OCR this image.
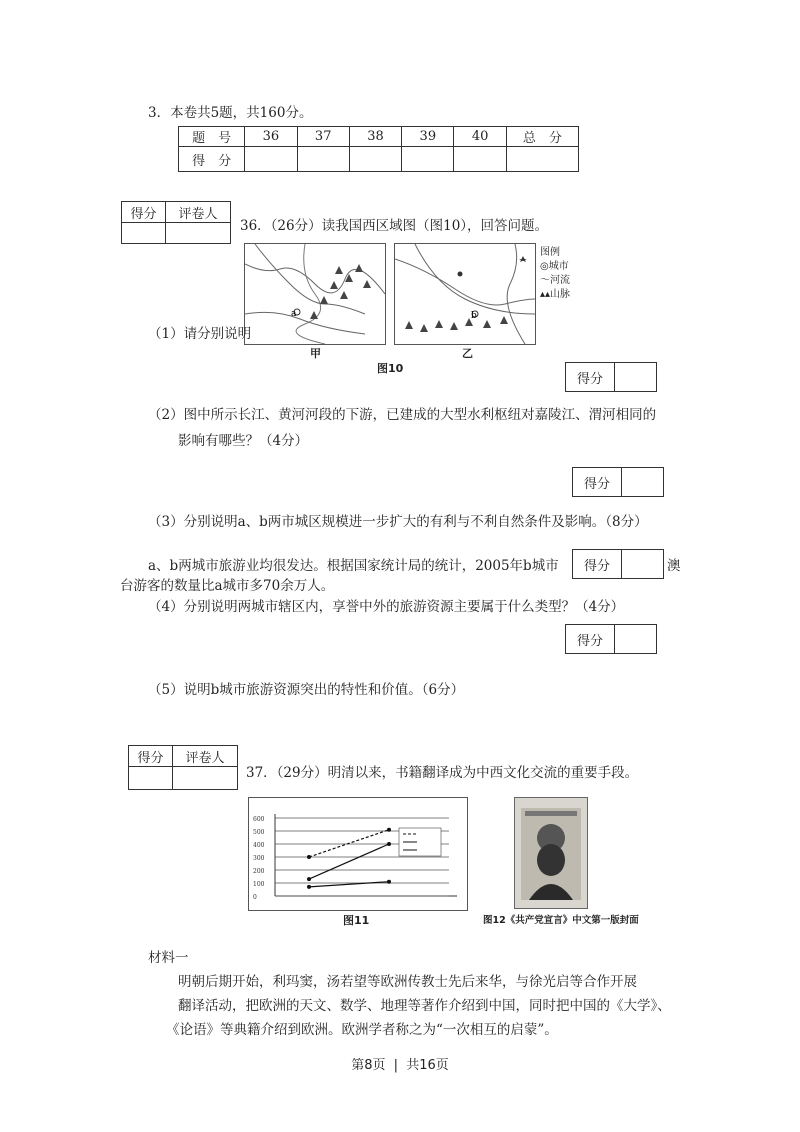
3．本卷共5题，共160分。
题　号	36	37	38	39	40	总　分
得　分						
得分	评卷人

36．（26分）读我国西区域图（图10），回答问题。
a	b
图例
◎城市
〜河流
▴▴山脉
甲	乙
图10
（1）请分别说明
得分	
（2）图中所示长江、黄河河段的下游，已建成的大型水利枢纽对嘉陵江、渭河相同的
影响有哪些？（4分）
得分	
（3）分别说明a、b两市城区规模进一步扩大的有利与不利自然条件及影响。（8分）
a、b两城市旅游业均很发达。根据国家统计局的统计，2005年b城市 得分		澳
台游客的数量比a城市多70余万人。
（4）分别说明两城市辖区内，享誉中外的旅游资源主要属于什么类型？（4分）
得分	
（5）说明b城市旅游资源突出的特性和价值。（6分）
得分	评卷人

37．（29分）明清以来，书籍翻译成为中西文化交流的重要手段。
600
500
400
300
200
100
0
图11	图12《共产党宣言》中文第一版封面
材料一
明朝后期开始，利玛窦，汤若望等欧洲传教士先后来华，与徐光启等合作开展
翻译活动，把欧洲的天文、数学、地理等著作介绍到中国，同时把中国的《大学》、
《论语》等典籍介绍到欧洲。欧洲学者称之为“一次相互的启蒙”。
第8页 | 共16页
